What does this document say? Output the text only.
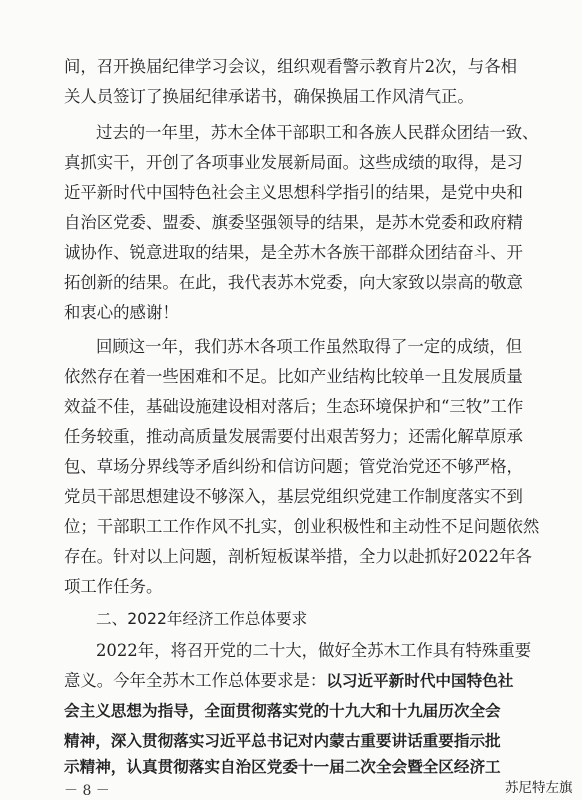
间，召开换届纪律学习会议，组织观看警示教育片2次，与各相
关人员签订了换届纪律承诺书，确保换届工作风清气正。
过去的一年里，苏木全体干部职工和各族人民群众团结一致、
真抓实干，开创了各项事业发展新局面。这些成绩的取得，是习
近平新时代中国特色社会主义思想科学指引的结果，是党中央和
自治区党委、盟委、旗委坚强领导的结果，是苏木党委和政府精
诚协作、锐意进取的结果，是全苏木各族干部群众团结奋斗、开
拓创新的结果。在此，我代表苏木党委，向大家致以崇高的敬意
和衷心的感谢！
回顾这一年，我们苏木各项工作虽然取得了一定的成绩，但
依然存在着一些困难和不足。比如产业结构比较单一且发展质量
效益不佳，基础设施建设相对落后；生态环境保护和“三牧”工作
任务较重，推动高质量发展需要付出艰苦努力；还需化解草原承
包、草场分界线等矛盾纠纷和信访问题；管党治党还不够严格，
党员干部思想建设不够深入，基层党组织党建工作制度落实不到
位；干部职工工作作风不扎实，创业积极性和主动性不足问题依然
存在。针对以上问题，剖析短板谋举措，全力以赴抓好2022年各
项工作任务。
二、2022年经济工作总体要求
2022年，将召开党的二十大，做好全苏木工作具有特殊重要
意义。今年全苏木工作总体要求是：以习近平新时代中国特色社
－ 8 －	苏尼特左旗
会主义思想为指导，全面贯彻落实党的十九大和十九届历次全会
精神，深入贯彻落实习近平总书记对内蒙古重要讲话重要指示批
示精神，认真贯彻落实自治区党委十一届二次全会暨全区经济工
